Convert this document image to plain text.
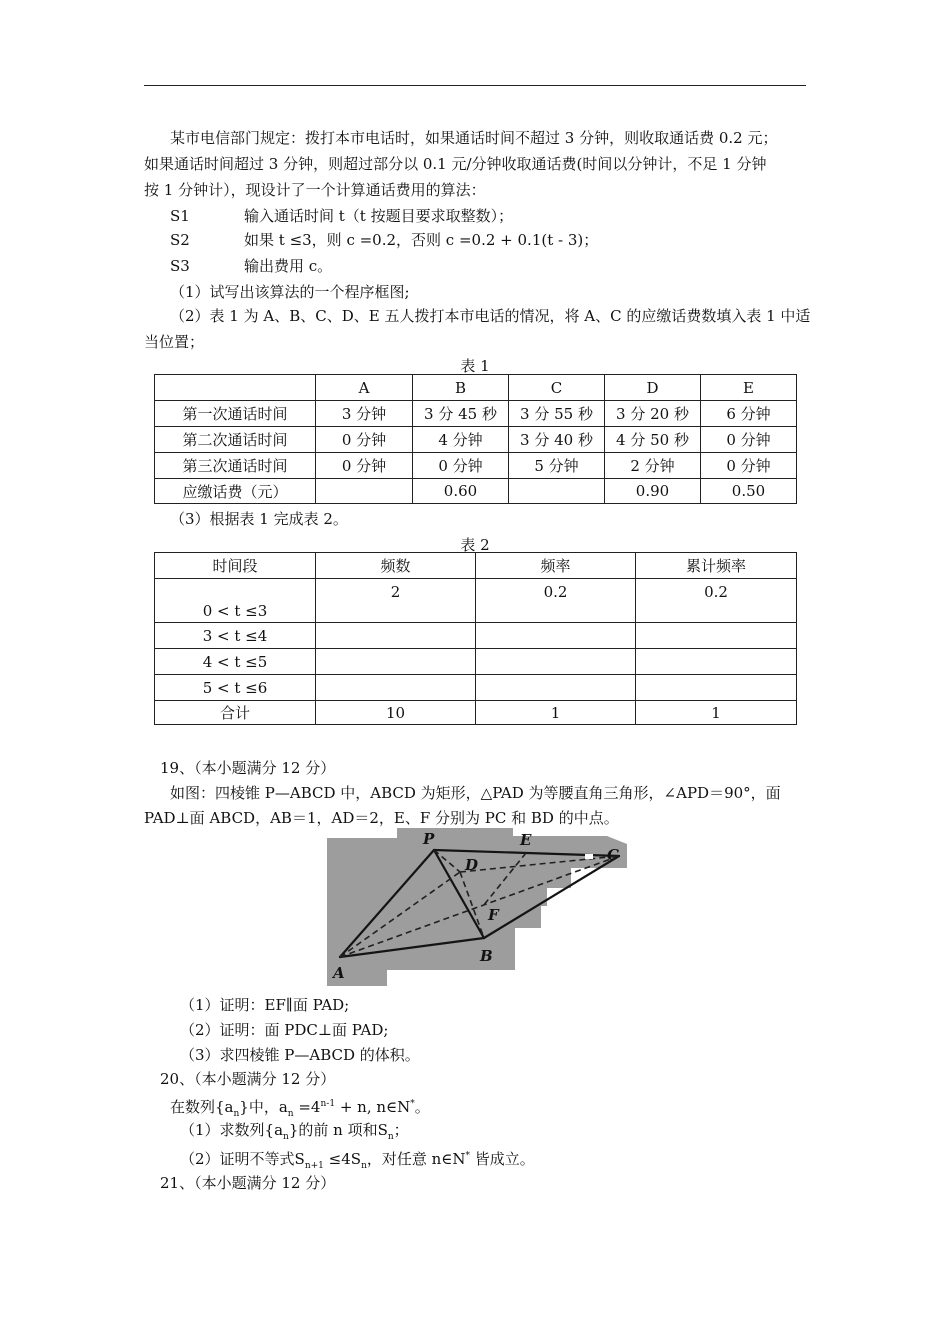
某市电信部门规定：拨打本市电话时，如果通话时间不超过 3 分钟，则收取通话费 0.2 元；
如果通话时间超过 3 分钟，则超过部分以 0.1 元/分钟收取通话费(时间以分钟计，不足 1 分钟
按 1 分钟计），现设计了一个计算通话费用的算法：
S1	输入通话时间 t（t 按题目要求取整数）；
S2	如果 t ≤3，则 c =0.2，否则 c =0.2 + 0.1(t - 3)；
S3	输出费用 c。
（1）试写出该算法的一个程序框图;
（2）表 1 为 A、B、C、D、E 五人拨打本市电话的情况，将 A、C 的应缴话费数填入表 1 中适
当位置；
表 1
	A	B	C	D	E
第一次通话时间	3 分钟	3 分 45 秒	3 分 55 秒	3 分 20 秒	6 分钟
第二次通话时间	0 分钟	4 分钟	3 分 40 秒	4 分 50 秒	0 分钟
第三次通话时间	0 分钟	0 分钟	5 分钟	2 分钟	0 分钟
应缴话费（元）		0.60		0.90	0.50
（3）根据表 1 完成表 2。
表 2
时间段	频数	频率	累计频率
0 < t ≤3	2	0.2	0.2
3 < t ≤4			
4 < t ≤5			
5 < t ≤6			
合计	10	1	1
19、（本小题满分 12 分）
如图：四棱锥 P—ABCD 中，ABCD 为矩形，△PAD 为等腰直角三角形，∠APD＝90°，面
PAD⊥面 ABCD，AB＝1，AD＝2，E、F 分别为 PC 和 BD 的中点。
P
D
E
C
F
A
B
（1）证明：EF∥面 PAD;
（2）证明：面 PDC⊥面 PAD;
（3）求四棱锥 P—ABCD 的体积。
20、（本小题满分 12 分）
在数列$\{a_n\}$中，$a_n =4^{n-1} + n$, n∈N*。
（1）求数列$\{a_n\}$的前 n 项和$S_n$；
（2）证明不等式$S_{n+1} \le 4S_n$，对任意 n∈N* 皆成立。
21、（本小题满分 12 分）
